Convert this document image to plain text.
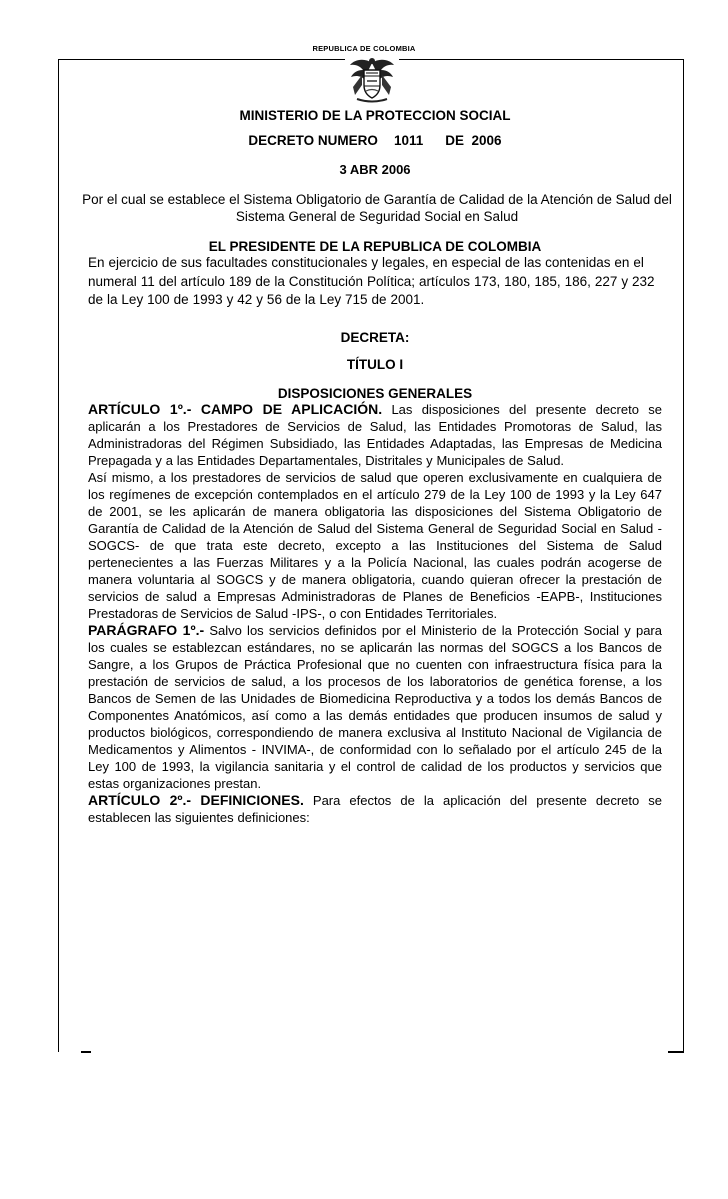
REPUBLICA DE COLOMBIA
MINISTERIO DE LA PROTECCION SOCIAL
DECRETO NUMERO 1011 DE 2006
3 ABR 2006
Por el cual se establece el Sistema Obligatorio de Garantía de Calidad de la Atención de Salud del Sistema General de Seguridad Social en Salud
EL PRESIDENTE DE LA REPUBLICA DE COLOMBIA

En ejercicio de sus facultades constitucionales y legales, en especial de las contenidas en el numeral 11 del artículo 189 de la Constitución Política; artículos 173, 180, 185, 186, 227 y 232 de la Ley 100 de 1993 y 42 y 56 de la Ley 715 de 2001.

DECRETA:
TÍTULO I
DISPOSICIONES GENERALES

ARTÍCULO 1º.- CAMPO DE APLICACIÓN. Las disposiciones del presente decreto se aplicarán a los Prestadores de Servicios de Salud, las Entidades Promotoras de Salud, las Administradoras del Régimen Subsidiado, las Entidades Adaptadas, las Empresas de Medicina Prepagada y a las Entidades Departamentales, Distritales y Municipales de Salud.

Así mismo, a los prestadores de servicios de salud que operen exclusivamente en cualquiera de los regímenes de excepción contemplados en el artículo 279 de la Ley 100 de 1993 y la Ley 647 de 2001, se les aplicarán de manera obligatoria las disposiciones del Sistema Obligatorio de Garantía de Calidad de la Atención de Salud del Sistema General de Seguridad Social en Salud -SOGCS- de que trata este decreto, excepto a las Instituciones del Sistema de Salud pertenecientes a las Fuerzas Militares y a la Policía Nacional, las cuales podrán acogerse de manera voluntaria al SOGCS y de manera obligatoria, cuando quieran ofrecer la prestación de servicios de salud a Empresas Administradoras de Planes de Beneficios -EAPB-, Instituciones Prestadoras de Servicios de Salud -IPS-, o con Entidades Territoriales.

PARÁGRAFO 1º.- Salvo los servicios definidos por el Ministerio de la Protección Social y para los cuales se establezcan estándares, no se aplicarán las normas del SOGCS a los Bancos de Sangre, a los Grupos de Práctica Profesional que no cuenten con infraestructura física para la prestación de servicios de salud, a los procesos de los laboratorios de genética forense, a los Bancos de Semen de las Unidades de Biomedicina Reproductiva y a todos los demás Bancos de Componentes Anatómicos, así como a las demás entidades que producen insumos de salud y productos biológicos, correspondiendo de manera exclusiva al Instituto Nacional de Vigilancia de Medicamentos y Alimentos - INVIMA-, de conformidad con lo señalado por el artículo 245 de la Ley 100 de 1993, la vigilancia sanitaria y el control de calidad de los productos y servicios que estas organizaciones prestan.

ARTÍCULO 2º.- DEFINICIONES. Para efectos de la aplicación del presente decreto se establecen las siguientes definiciones:
